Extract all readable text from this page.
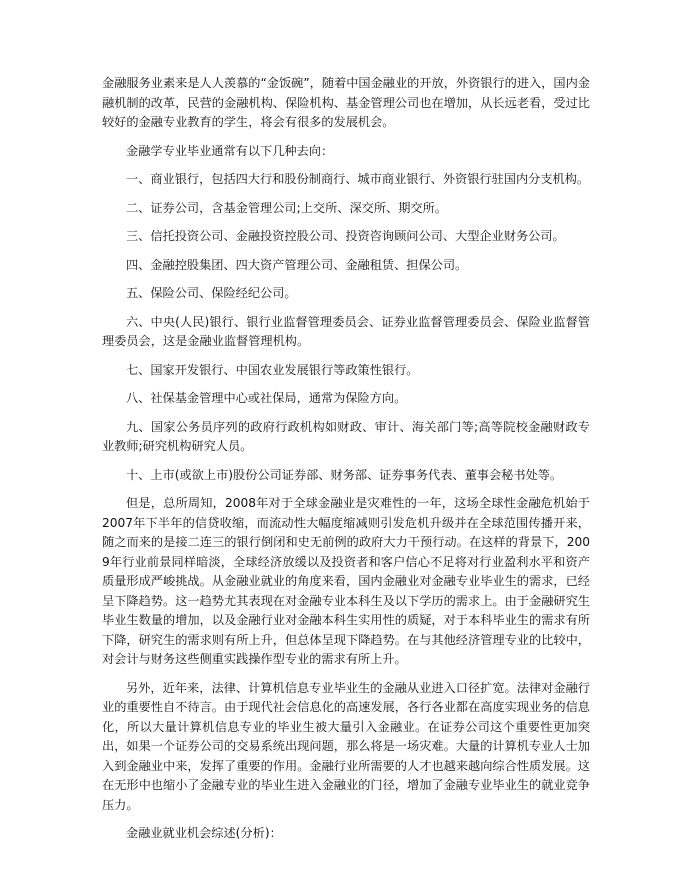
金融服务业素来是人人羡慕的“金饭碗”，随着中国金融业的开放，外资银行的进入，国内金融机制的改革，民营的金融机构、保险机构、基金管理公司也在增加，从长远老看，受过比较好的金融专业教育的学生，将会有很多的发展机会。

金融学专业毕业通常有以下几种去向：

一、商业银行，包括四大行和股份制商行、城市商业银行、外资银行驻国内分支机构。

二、证券公司，含基金管理公司;上交所、深交所、期交所。

三、信托投资公司、金融投资控股公司、投资咨询顾问公司、大型企业财务公司。

四、金融控股集团、四大资产管理公司、金融租赁、担保公司。

五、保险公司、保险经纪公司。

六、中央(人民)银行、银行业监督管理委员会、证券业监督管理委员会、保险业监督管理委员会，这是金融业监督管理机构。

七、国家开发银行、中国农业发展银行等政策性银行。

八、社保基金管理中心或社保局，通常为保险方向。

九、国家公务员序列的政府行政机构如财政、审计、海关部门等;高等院校金融财政专业教师;研究机构研究人员。

十、上市(或欲上市)股份公司证券部、财务部、证券事务代表、董事会秘书处等。

但是，总所周知，2008年对于全球金融业是灾难性的一年，这场全球性金融危机始于2007年下半年的信贷收缩，而流动性大幅度缩减则引发危机升级并在全球范围传播开来，随之而来的是接二连三的银行倒闭和史无前例的政府大力干预行动。在这样的背景下，2009年行业前景同样暗淡，全球经济放缓以及投资者和客户信心不足将对行业盈利水平和资产质量形成严峻挑战。从金融业就业的角度来看，国内金融业对金融专业毕业生的需求，已经呈下降趋势。这一趋势尤其表现在对金融专业本科生及以下学历的需求上。由于金融研究生毕业生数量的增加，以及金融行业对金融本科生实用性的质疑，对于本科毕业生的需求有所下降，研究生的需求则有所上升，但总体呈现下降趋势。在与其他经济管理专业的比较中，对会计与财务这些侧重实践操作型专业的需求有所上升。

另外，近年来，法律、计算机信息专业毕业生的金融从业进入口径扩宽。法律对金融行业的重要性自不待言。由于现代社会信息化的高速发展，各行各业都在高度实现业务的信息化，所以大量计算机信息专业的毕业生被大量引入金融业。在证券公司这个重要性更加突出，如果一个证券公司的交易系统出现问题，那么将是一场灾难。大量的计算机专业人士加入到金融业中来，发挥了重要的作用。金融行业所需要的人才也越来越向综合性质发展。这在无形中也缩小了金融专业的毕业生进入金融业的门径，增加了金融专业毕业生的就业竞争压力。

金融业就业机会综述(分析)：
